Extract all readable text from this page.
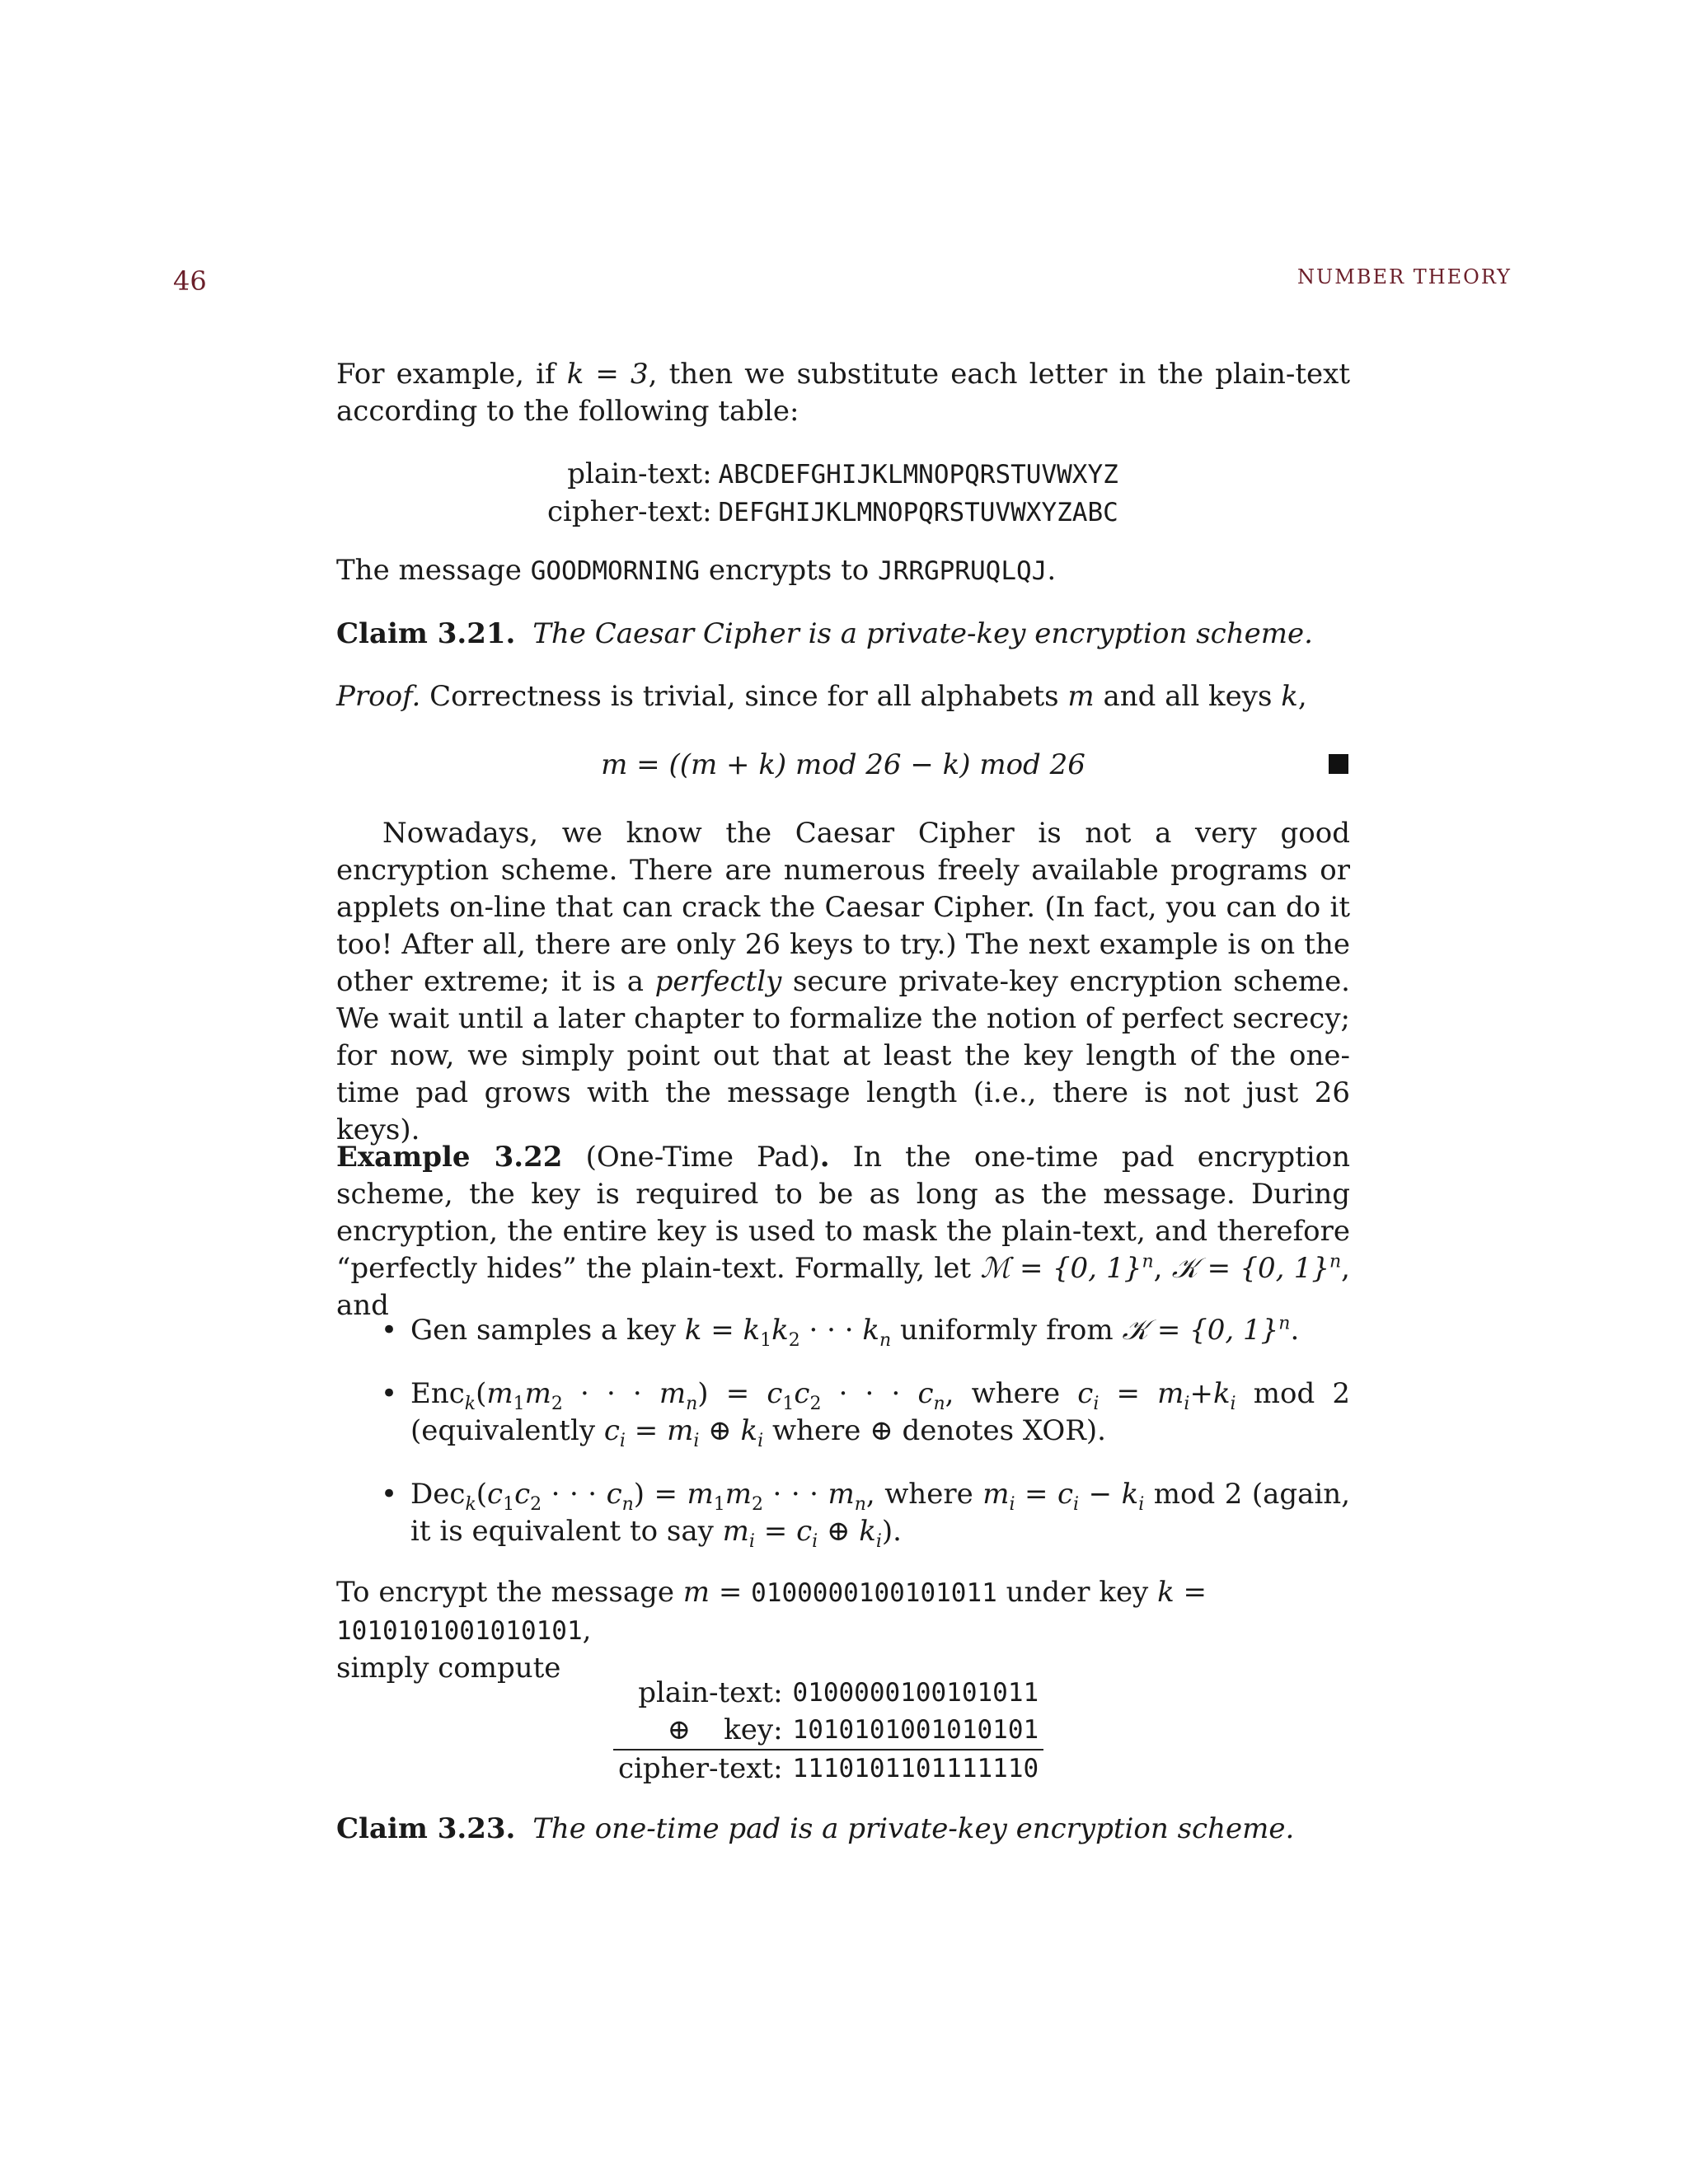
46	NUMBER THEORY
For example, if k = 3, then we substitute each letter in the plain-text according to the following table:
plain-text:	ABCDEFGHIJKLMNOPQRSTUVWXYZ
cipher-text:	DEFGHIJKLMNOPQRSTUVWXYZABC
The message GOODMORNING encrypts to JRRGPRUQLQJ.
Claim 3.21. The Caesar Cipher is a private-key encryption scheme.
Proof. Correctness is trivial, since for all alphabets m and all keys k,
m = ((m + k) mod 26 − k) mod 26
Nowadays, we know the Caesar Cipher is not a very good encryption scheme. There are numerous freely available programs or applets on-line that can crack the Caesar Cipher. (In fact, you can do it too! After all, there are only 26 keys to try.) The next example is on the other extreme; it is a perfectly secure private-key encryption scheme. We wait until a later chapter to formalize the notion of perfect secrecy; for now, we simply point out that at least the key length of the one-time pad grows with the message length (i.e., there is not just 26 keys).
Example 3.22 (One-Time Pad). In the one-time pad encryption scheme, the key is required to be as long as the message. During encryption, the entire key is used to mask the plain-text, and therefore “perfectly hides” the plain-text. Formally, let ℳ = {0, 1}$^n$, 𝒦 = {0, 1}$^n$, and
• Gen samples a key $k = k_1k_2$ · · · $k_n$ uniformly from 𝒦 = {0, 1}$^n$.
• $Enc_k(m_1m_2$ · · · $m_n) = c_1c_2$ · · · $c_n$, where $c_i = m_i+k_i$ mod 2 (equivalently $c_i = m_i$ ⊕ $k_i$ where ⊕ denotes XOR).
• $Dec_k(c_1c_2$ · · · $c_n) = m_1m_2$ · · · $m_n$, where $m_i = c_i - k_i$ mod 2 (again, it is equivalent to say $m_i = c_i$ ⊕ $k_i$).
To encrypt the message m = 0100000100101011 under key k = 1010101001010101,
simply compute
plain-text:	0100000100101011
⊕ key:	1010101001010101
cipher-text:	1110101101111110
Claim 3.23. The one-time pad is a private-key encryption scheme.
